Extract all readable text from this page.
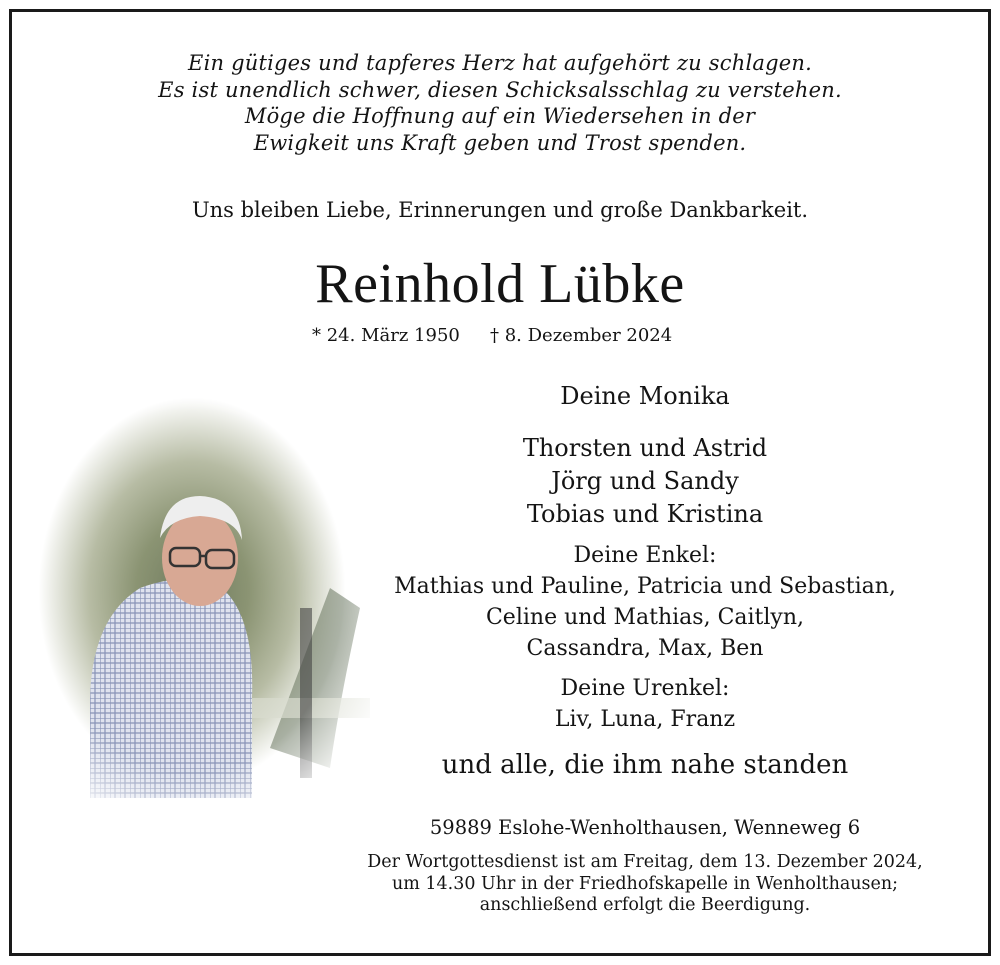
Ein gütiges und tapferes Herz hat aufgehört zu schlagen.
Es ist unendlich schwer, diesen Schicksalsschlag zu verstehen.
Möge die Hoffnung auf ein Wiedersehen in der
Ewigkeit uns Kraft geben und Trost spenden.
Uns bleiben Liebe, Erinnerungen und große Dankbarkeit.
Reinhold Lübke
* 24. März 1950 † 8. Dezember 2024
Deine Monika
Thorsten und Astrid
Jörg und Sandy
Tobias und Kristina
Deine Enkel:
Mathias und Pauline, Patricia und Sebastian,
Celine und Mathias, Caitlyn,
Cassandra, Max, Ben
Deine Urenkel:
Liv, Luna, Franz
und alle, die ihm nahe standen
59889 Eslohe-Wenholthausen, Wenneweg 6
Der Wortgottesdienst ist am Freitag, dem 13. Dezember 2024,
um 14.30 Uhr in der Friedhofskapelle in Wenholthausen;
anschließend erfolgt die Beerdigung.
